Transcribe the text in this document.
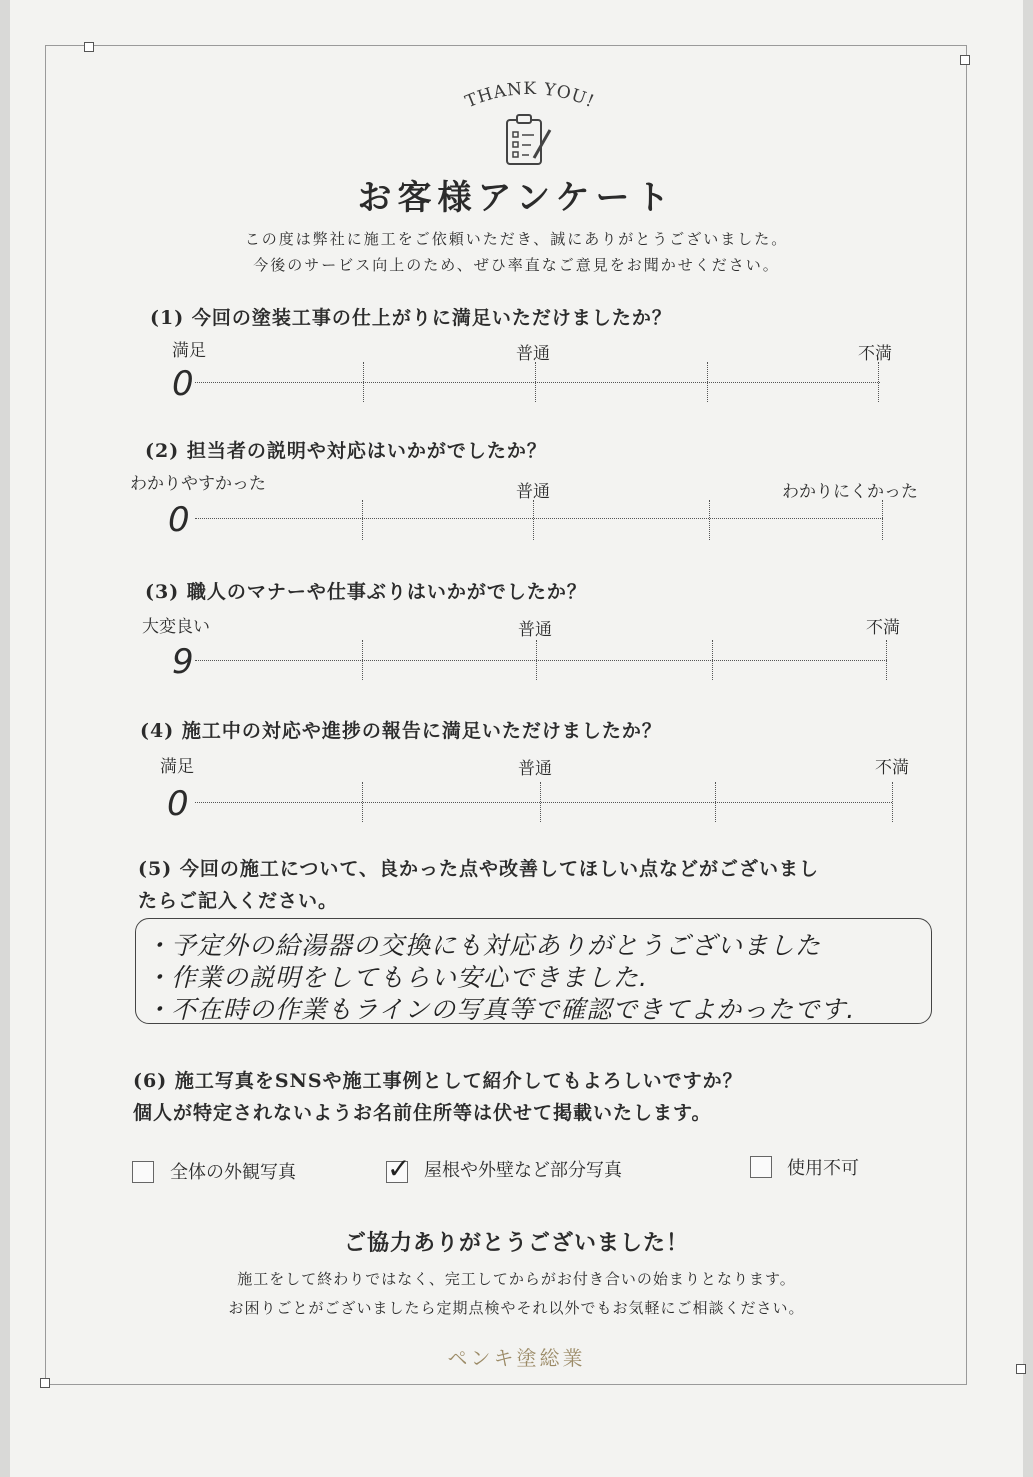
THANK YOU!
お客様アンケート
この度は弊社に施工をご依頼いただき、誠にありがとうございました。
今後のサービス向上のため、ぜひ率直なご意見をお聞かせください。
(1) 今回の塗装工事の仕上がりに満足いただけましたか？
満足	普通	不満
0
(2) 担当者の説明や対応はいかがでしたか？
わかりやすかった	普通	わかりにくかった
0
(3) 職人のマナーや仕事ぶりはいかがでしたか？
大変良い	普通	不満
9
(4) 施工中の対応や進捗の報告に満足いただけましたか？
満足	普通	不満
0
(5) 今回の施工について、良かった点や改善してほしい点などがございまし
たらご記入ください。
・予定外の給湯器の交換にも対応ありがとうございました
・作業の説明をしてもらい安心できました.
・不在時の作業もラインの写真等で確認できてよかったです.
(6) 施工写真をSNSや施工事例として紹介してもよろしいですか？
個人が特定されないようお名前住所等は伏せて掲載いたします。
全体の外観写真	✓ 屋根や外壁など部分写真	使用不可
ご協力ありがとうございました！
施工をして終わりではなく、完工してからがお付き合いの始まりとなります。
お困りごとがございましたら定期点検やそれ以外でもお気軽にご相談ください。
ペンキ塗総業
